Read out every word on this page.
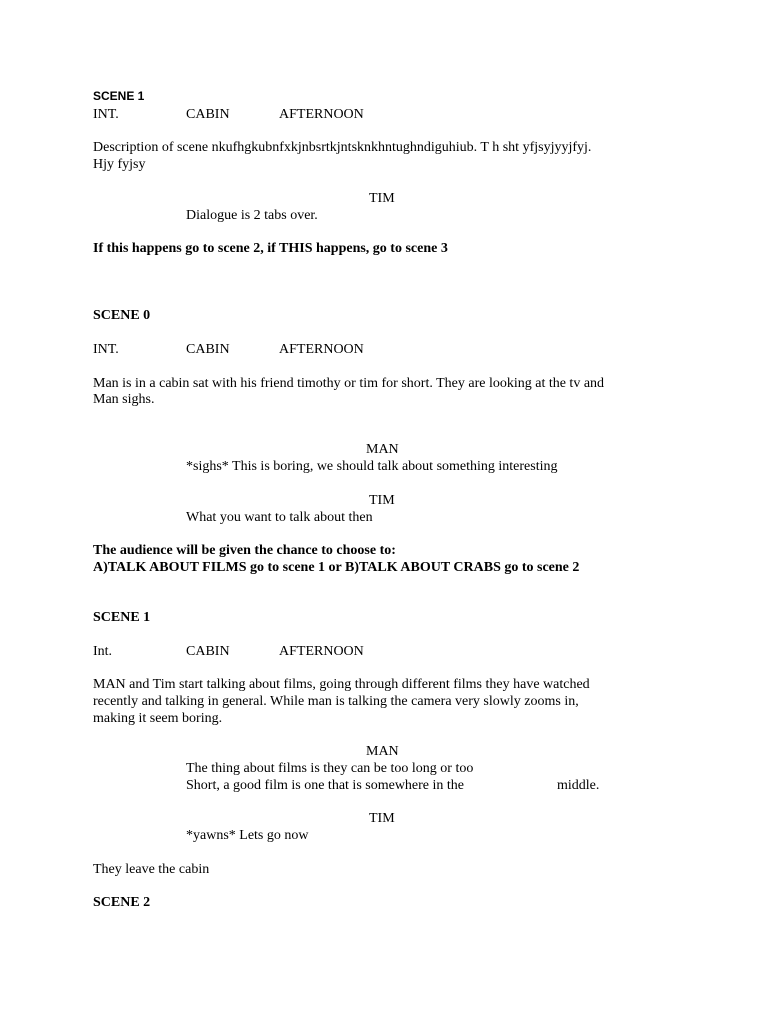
SCENE 1
INT.	CABIN	AFTERNOON
Description of scene nkufhgkubnfxkjnbsrtkjntsknkhntughndiguhiub. T h sht yfjsyjyyjfyj.
Hjy fyjsy
TIM
Dialogue is 2 tabs over.
If this happens go to scene 2, if THIS happens, go to scene 3
SCENE 0
INT.	CABIN	AFTERNOON
Man is in a cabin sat with his friend timothy or tim for short. They are looking at the tv and
Man sighs.
MAN
*sighs* This is boring, we should talk about something interesting
TIM
What you want to talk about then
The audience will be given the chance to choose to:
A)TALK ABOUT FILMS go to scene 1 or B)TALK ABOUT CRABS go to scene 2
SCENE 1
Int.	CABIN	AFTERNOON
MAN and Tim start talking about films, going through different films they have watched
recently and talking in general. While man is talking the camera very slowly zooms in,
making it seem boring.
MAN
The thing about films is they can be too long or too
Short, a good film is one that is somewhere in the	middle.
TIM
*yawns* Lets go now
They leave the cabin
SCENE 2
